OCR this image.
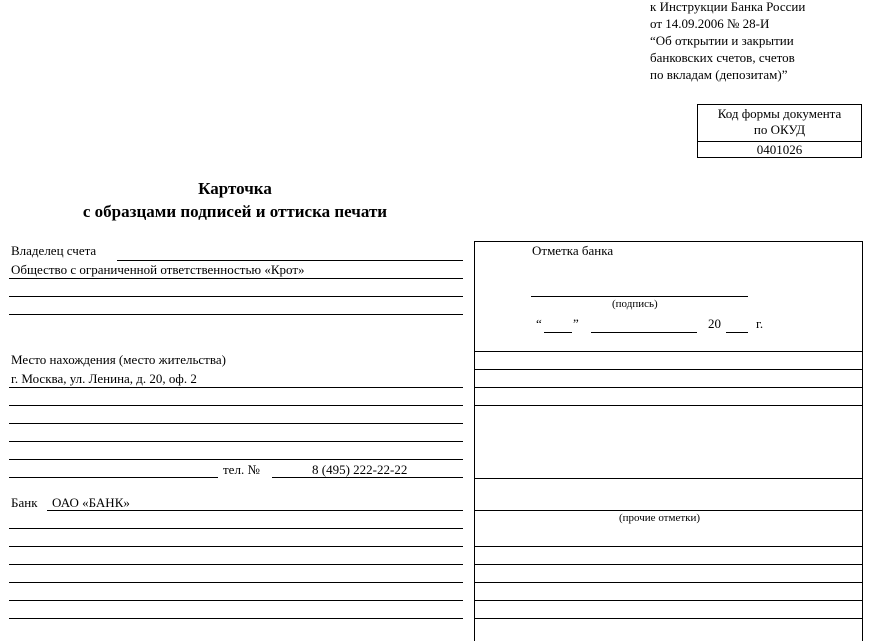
к Инструкции Банка России
от 14.09.2006 № 28-И
“Об открытии и закрытии
банковских счетов, счетов
по вкладам (депозитам)”
Код формы документа
по ОКУД
0401026
Карточка
с образцами подписей и оттиска печати
Владелец счета
Общество с ограниченной ответственностью «Крот»
Место нахождения (место жительства)
г. Москва, ул. Ленина, д. 20, оф. 2
тел. №	8 (495) 222-22-22
Банк ОАО «БАНК»
Отметка банка
(подпись)
“ ”	20	г.
(прочие отметки)
